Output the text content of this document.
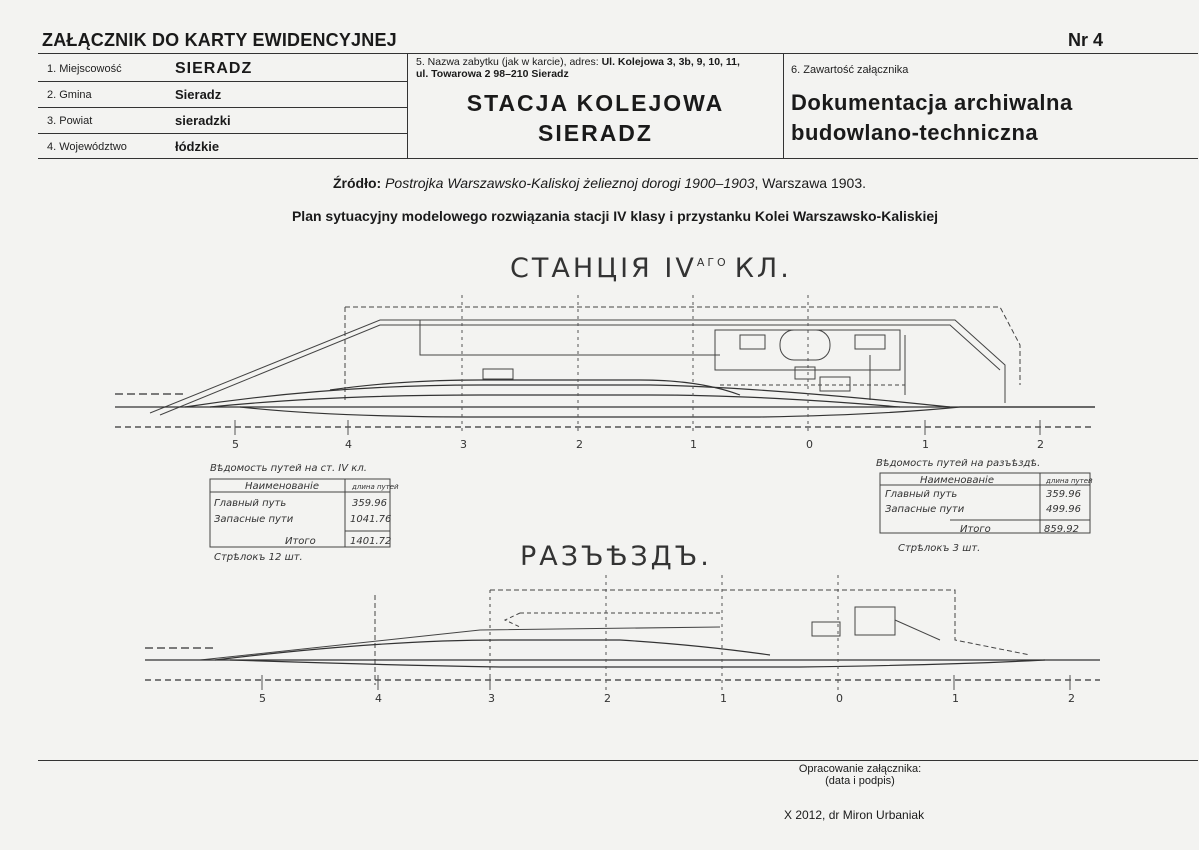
ZAŁĄCZNIK DO KARTY EWIDENCYJNEJ	Nr 4
1. Miejscowość	SIERADZ
2. Gmina	Sieradz
3. Powiat	sieradzki
4. Województwo	łódzkie
5. Nazwa zabytku (jak w karcie), adres: Ul. Kolejowa 3, 3b, 9, 10, 11,
ul. Towarowa 2 98–210 Sieradz
STACJA KOLEJOWA
SIERADZ
6. Zawartość załącznika
Dokumentacja archiwalna
budowlano-techniczna
Źródło: Postrojka Warszawsko-Kaliskoj żelieznoj dorogi 1900–1903, Warszawa 1903.
Plan sytuacyjny modelowego rozwiązania stacji IV klasy i przystanku Kolei Warszawsko-Kaliskiej
СТАНЦIЯ $IV^{АГО}$ КЛ.
5	4	3	2	1	0	1	2
Вѣдомость путей на ст. IV кл.
Наименованiе	длина путей
Главный путь	359.96
Запасные пути	1041.76
Итого	1401.72
Стрѣлокъ 12 шт.
Вѣдомость путей на разъѣздѣ.
Наименованiе	длина путей
Главный путь	359.96
Запасные пути	499.96
Итого	859.92
Стрѣлокъ 3 шт.
РАЗЪѢЗДЪ.
5	4	3	2	1	0	1	2
Opracowanie załącznika:
(data i podpis)
X 2012, dr Miron Urbaniak
